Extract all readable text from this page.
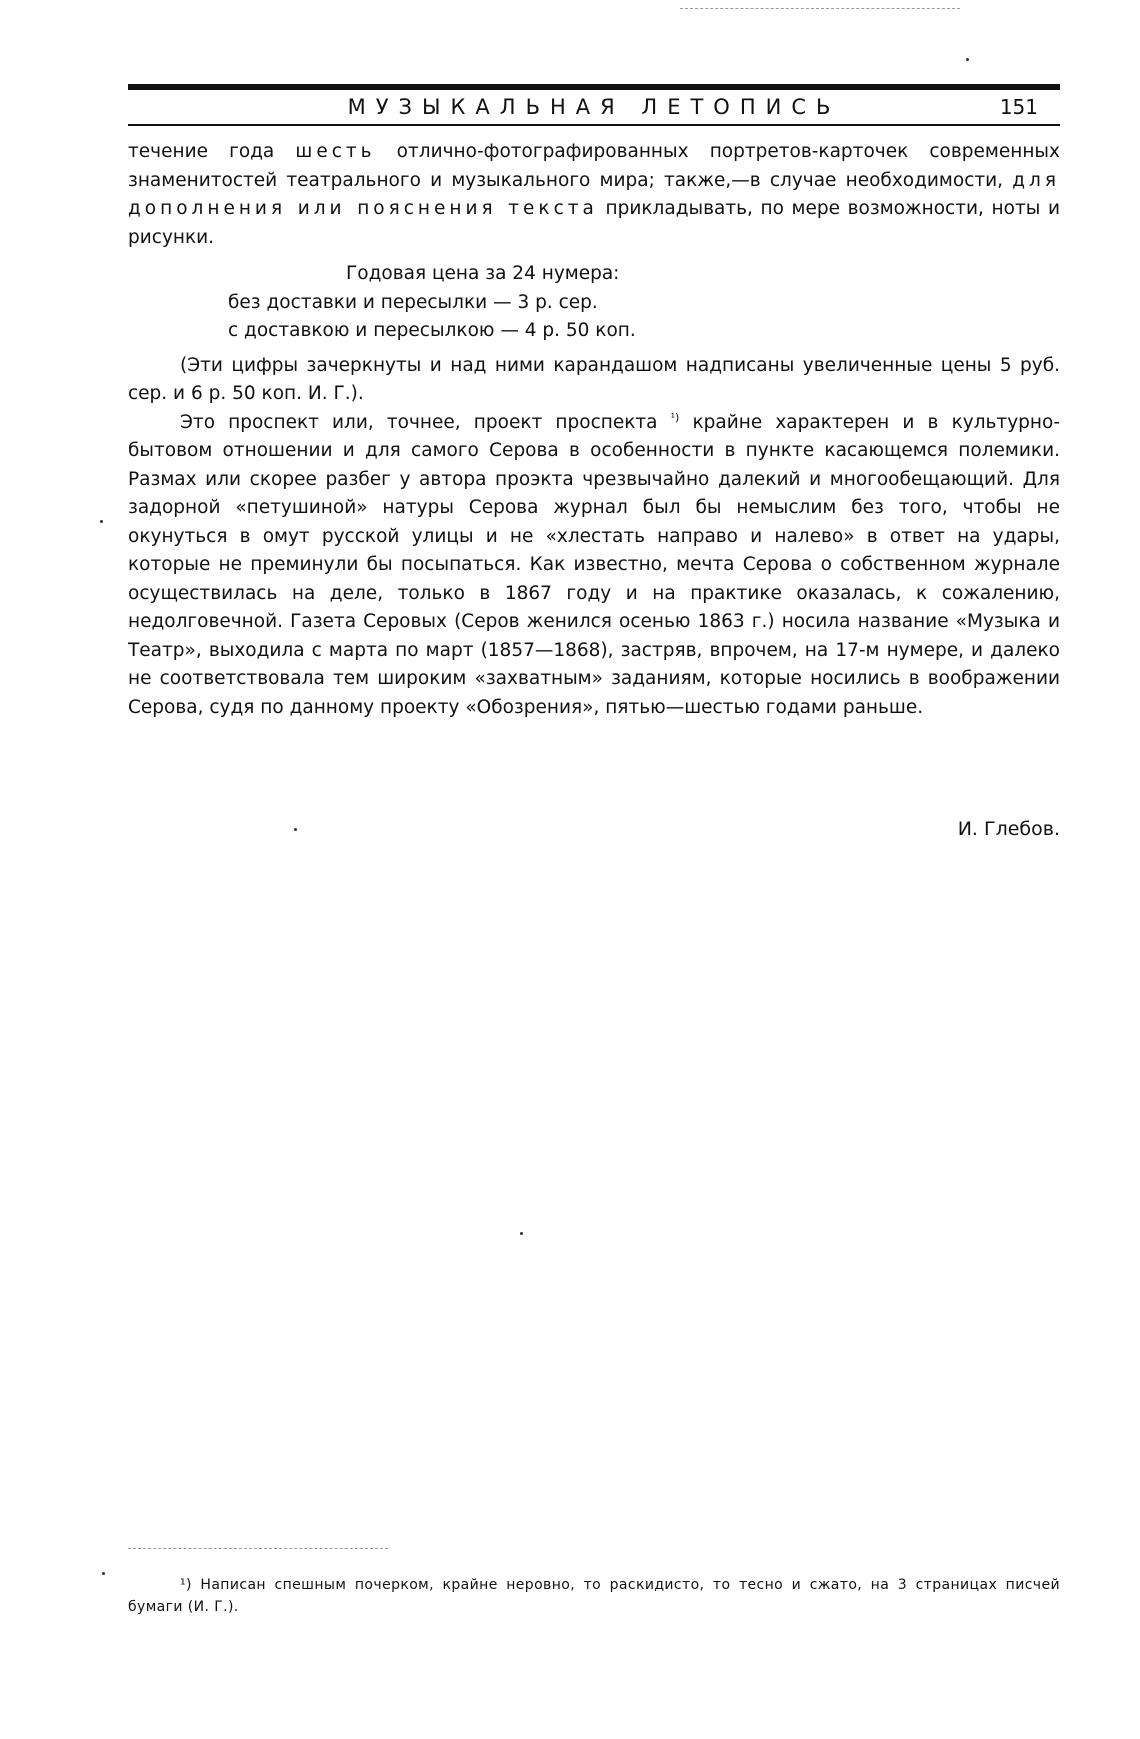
МУЗЫКАЛЬНАЯ ЛЕТОПИСЬ	151

течение года шесть отлично-фотографированных портретов-карточек современных знаменитостей театрального и музыкального мира; также,—в случае необходимости, для дополнения или пояснения текста прикладывать, по мере возможности, ноты и рисунки.

Годовая цена за 24 нумера:
без доставки и пересылки — 3 р. сер.
с доставкою и пересылкою — 4 р. 50 коп.

(Эти цифры зачеркнуты и над ними карандашом надписаны увеличенные цены 5 руб. сер. и 6 р. 50 коп. И. Г.).

Это проспект или, точнее, проект проспекта $^{^1)}$ крайне характерен и в культурно-бытовом отношении и для самого Серова в особенности в пункте касающемся полемики. Размах или скорее разбег у автора проэкта чрезвычайно далекий и многообещающий. Для задорной «петушиной» натуры Серова журнал был бы немыслим без того, чтобы не окунуться в омут русской улицы и не «хлестать направо и налево» в ответ на удары, которые не преминули бы посыпаться. Как известно, мечта Серова о собственном журнале осуществилась на деле, только в 1867 году и на практике оказалась, к сожалению, недолговечной. Газета Серовых (Серов женился осенью 1863 г.) носила название «Музыка и Театр», выходила с марта по март (1857—1868), застряв, впрочем, на 17-м нумере, и далеко не соответствовала тем широким «захватным» заданиям, которые носились в воображении Серова, судя по данному проекту «Обозрения», пятью—шестью годами раньше.

И. Глебов.
¹) Написан спешным почерком, крайне неровно, то раскидисто, то тесно и сжато, на 3 страницах писчей бумаги (И. Г.).
